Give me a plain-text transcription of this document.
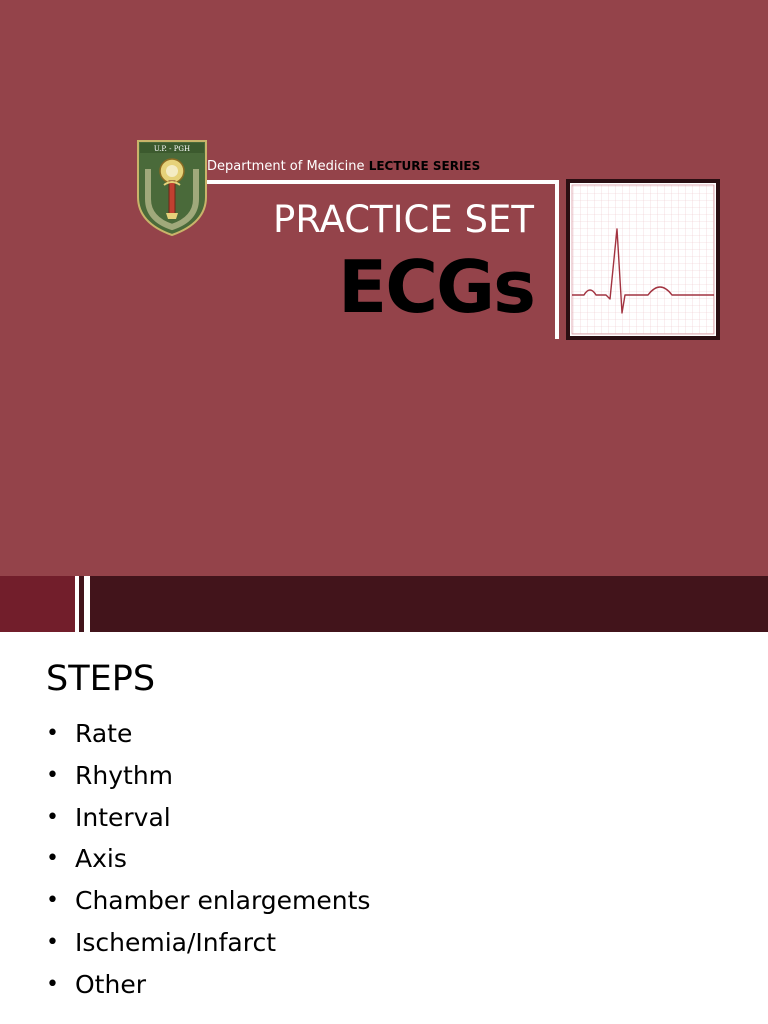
U.P. - PGH
Department of Medicine LECTURE SERIES
PRACTICE SET
ECGs
STEPS
• Rate
• Rhythm
• Interval
• Axis
• Chamber enlargements
• Ischemia/Infarct
• Other
